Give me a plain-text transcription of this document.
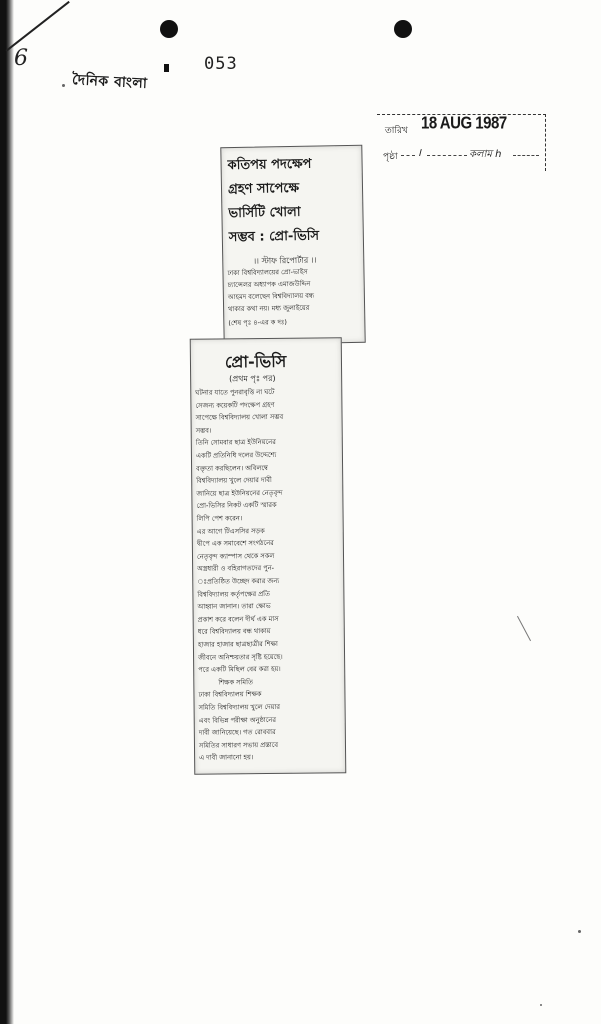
6
দৈনিক বাংলা
053
তারিখ 18 AUG 1987
পৃষ্ঠা ।	কলাম h
কতিপয় পদক্ষেপ
গ্রহণ সাপেক্ষে
ভার্সিটি খোলা
সম্ভব : প্রো-ভিসি
।। স্টাফ রিপোর্টার ।।
ঢাকা বিশ্ববিদ্যালয়ের প্রো-ভাইস
চ্যান্সেলর অধ্যাপক এমাজউদ্দিন
আহমদ বলেছেন বিশ্ববিদ্যালয় বন্ধ
থাকার কথা নয়। মধ্য জুলাইয়ের
(শেষ পৃঃ ৪-এর ক দঃ)
প্রো-ভিসি
(প্রথম পৃঃ পর)
ঘটনার যাতে পুনরাবৃত্তি না ঘটে
সেজন্য কয়েকটি পদক্ষেপ গ্রহণ
সাপেক্ষে বিশ্ববিদ্যালয় খোলা সম্ভব
সম্ভব।
তিনি সোমবার ছাত্র ইউনিয়নের
একটি প্রতিনিধি দলের উদ্দেশ্যে
বক্তৃতা করছিলেন। অবিলম্বে
বিশ্ববিদ্যালয় খুলে দেয়ার দাবী
জানিয়ে ছাত্র ইউনিয়নের নেতৃবৃন্দ
প্রো-ভিসির নিকট একটি স্মারক
লিপি পেশ করেন।
এর আগে টিএসসির সড়ক
দ্বীপে এক সমাবেশে সংগঠনের
নেতৃবৃন্দ ক্যাম্পাস থেকে সকল
অস্ত্রধারী ও বহিরাগতদের পুন-
ঃপ্রতিষ্ঠিত উচ্ছেদ করার জন্য
বিশ্ববিদ্যালয় কর্তৃপক্ষের প্রতি
আহ্বান জানান। তারা ক্ষোভ
প্রকাশ করে বলেন দীর্ঘ এক মাস
ধরে বিশ্ববিদ্যালয় বন্ধ থাকায়
হাজার হাজার ছাত্রছাত্রীর শিক্ষা
জীবনে অনিশ্চয়তার সৃষ্টি হয়েছে।
পরে একটি মিছিল বের করা হয়।
শিক্ষক সমিতি
ঢাকা বিশ্ববিদ্যালয় শিক্ষক
সমিতি বিশ্ববিদ্যালয় খুলে দেয়ার
এবং বিভিন্ন পরীক্ষা অনুষ্ঠানের
দাবী জানিয়েছে। গত রোববার
সমিতির সাধারণ সভায় প্রস্তাবে
এ দাবী জানানো হয়।
